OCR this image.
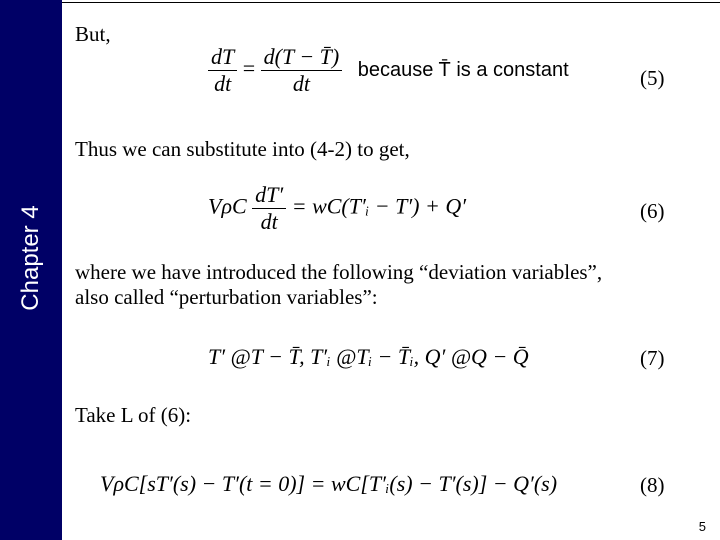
Chapter 4
But,
$\frac{dT}{dt} = \frac{d(T - T̄)}{dt}$ because T̄ is a constant	(5)
Thus we can substitute into (4-2) to get,
VρC $\frac{dT'}{dt}$ = wC(T′ᵢ − T′) + Q′	(6)
where we have introduced the following “deviation variables”,
also called “perturbation variables”:
T′ @T − T̄, T′ᵢ @Tᵢ − T̄ᵢ, Q′ @Q − Q̄	(7)
Take L of (6):
VρC[sT′(s) − T′(t = 0)] = wC[T′ᵢ(s) − T′(s)] − Q′(s)	(8)
5
